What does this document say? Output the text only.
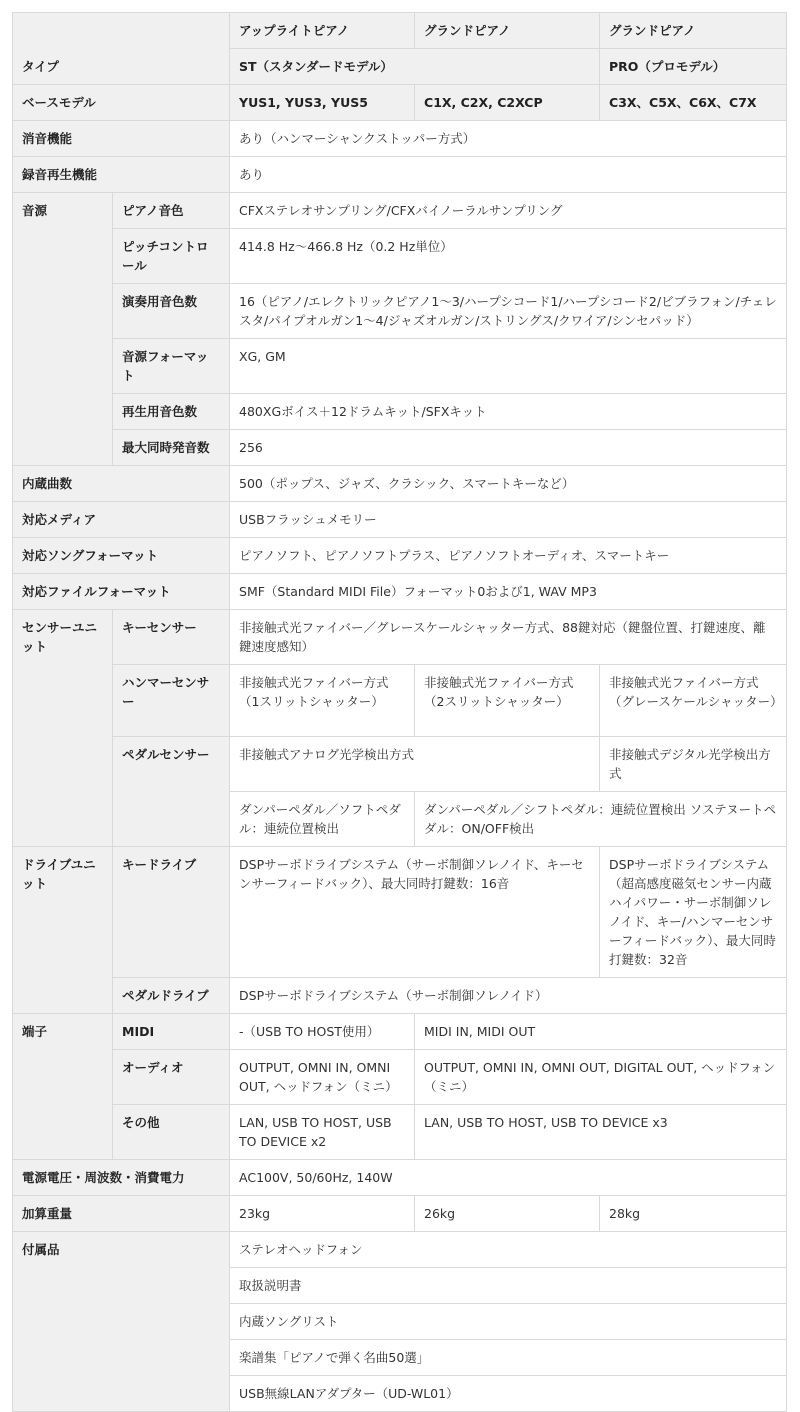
タイプ		アップライトピアノ	グランドピアノ	グランドピアノ
		ST（スタンダードモデル）		PRO（プロモデル）
ベースモデル		YUS1, YUS3, YUS5	C1X, C2X, C2XCP	C3X、C5X、C6X、C7X
消音機能		あり（ハンマーシャンクストッパー方式）		
録音再生機能		あり		
音源	ピアノ音色	CFXステレオサンプリング/CFXバイノーラルサンプリング		
	ピッチコントロール	414.8 Hz〜466.8 Hz（0.2 Hz単位）		
	演奏用音色数	16（ピアノ/エレクトリックピアノ1〜3/ハープシコード1/ハープシコード2/ビブラフォン/チェレスタ/パイプオルガン1〜4/ジャズオルガン/ストリングス/クワイア/シンセパッド）		
	音源フォーマット	XG, GM		
	再生用音色数	480XGボイス＋12ドラムキット/SFXキット		
	最大同時発音数	256		
内蔵曲数		500（ポップス、ジャズ、クラシック、スマートキーなど）		
対応メディア		USBフラッシュメモリー		
対応ソングフォーマット		ピアノソフト、ピアノソフトプラス、ピアノソフトオーディオ、スマートキー		
対応ファイルフォーマット		SMF（Standard MIDI File）フォーマット0および1, WAV MP3		
センサーユニット	キーセンサー	非接触式光ファイバー／グレースケールシャッター方式、88鍵対応（鍵盤位置、打鍵速度、離鍵速度感知）		
	ハンマーセンサー	非接触式光ファイバー方式（1スリットシャッター）	非接触式光ファイバー方式（2スリットシャッター）	非接触式光ファイバー方式（グレースケールシャッター）
	ペダルセンサー	非接触式アナログ光学検出方式		非接触式デジタル光学検出方式
		ダンパーペダル／ソフトペダル：連続位置検出	ダンパーペダル／シフトペダル：連続位置検出 ソステヌートペダル：ON/OFF検出	
ドライブユニット	キードライブ	DSPサーボドライブシステム（サーボ制御ソレノイド、キーセンサーフィードバック）、最大同時打鍵数：16音		DSPサーボドライブシステム（超高感度磁気センサー内蔵ハイパワー・サーボ制御ソレノイド、キー/ハンマーセンサーフィードバック）、最大同時打鍵数：32音
	ペダルドライブ	DSPサーボドライブシステム（サーボ制御ソレノイド）		
端子	MIDI	-（USB TO HOST使用）	MIDI IN, MIDI OUT	
	オーディオ	OUTPUT, OMNI IN, OMNI OUT, ヘッドフォン（ミニ）	OUTPUT, OMNI IN, OMNI OUT, DIGITAL OUT, ヘッドフォン（ミニ）	
	その他	LAN, USB TO HOST, USB TO DEVICE x2	LAN, USB TO HOST, USB TO DEVICE x3	
電源電圧・周波数・消費電力		AC100V, 50/60Hz, 140W		
加算重量		23kg	26kg	28kg
付属品		ステレオヘッドフォン		
		取扱説明書		
		内蔵ソングリスト		
		楽譜集「ピアノで弾く名曲50選」		
		USB無線LANアダプター（UD-WL01）		
